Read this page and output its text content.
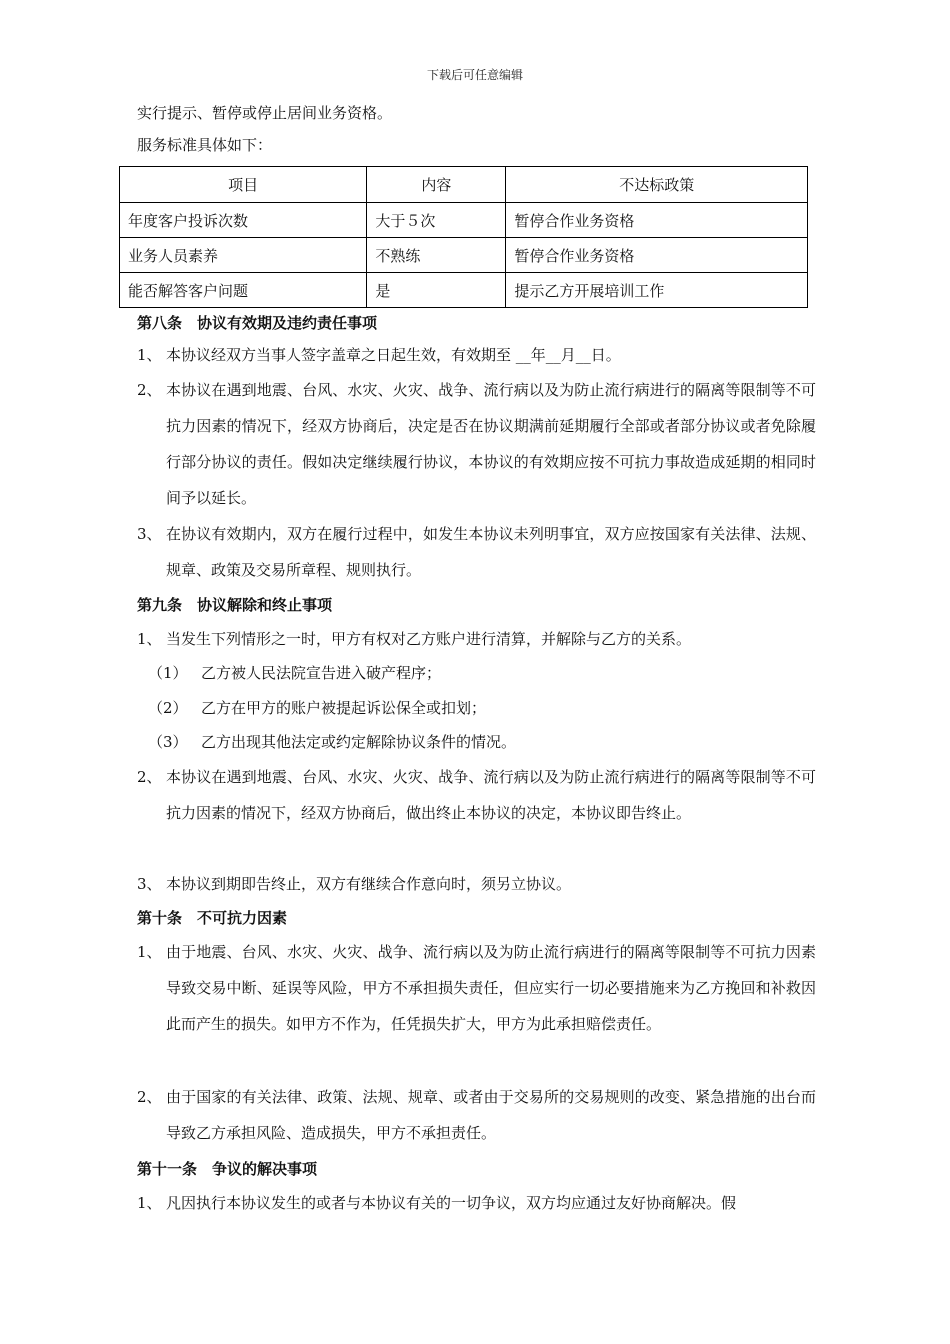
下载后可任意编辑
实行提示、暂停或停止居间业务资格。
服务标准具体如下：
项目	内容	不达标政策
年度客户投诉次数	大于５次	暂停合作业务资格
业务人员素养	不熟练	暂停合作业务资格
能否解答客户问题	是	提示乙方开展培训工作
第八条　协议有效期及违约责任事项
1、 本协议经双方当事人签字盖章之日起生效，有效期至 __年__月__日。
2、 本协议在遇到地震、台风、水灾、火灾、战争、流行病以及为防止流行病进行的隔离等限制等不可抗力因素的情况下，经双方协商后，决定是否在协议期满前延期履行全部或者部分协议或者免除履行部分协议的责任。假如决定继续履行协议，本协议的有效期应按不可抗力事故造成延期的相同时间予以延长。
3、 在协议有效期内，双方在履行过程中，如发生本协议未列明事宜，双方应按国家有关法律、法规、规章、政策及交易所章程、规则执行。
第九条　协议解除和终止事项
1、 当发生下列情形之一时，甲方有权对乙方账户进行清算，并解除与乙方的关系。
（1） 乙方被人民法院宣告进入破产程序；
（2） 乙方在甲方的账户被提起诉讼保全或扣划；
（3） 乙方出现其他法定或约定解除协议条件的情况。
2、 本协议在遇到地震、台风、水灾、火灾、战争、流行病以及为防止流行病进行的隔离等限制等不可抗力因素的情况下，经双方协商后，做出终止本协议的决定，本协议即告终止。
3、 本协议到期即告终止，双方有继续合作意向时，须另立协议。
第十条　不可抗力因素
1、 由于地震、台风、水灾、火灾、战争、流行病以及为防止流行病进行的隔离等限制等不可抗力因素导致交易中断、延误等风险，甲方不承担损失责任，但应实行一切必要措施来为乙方挽回和补救因此而产生的损失。如甲方不作为，任凭损失扩大，甲方为此承担赔偿责任。
2、 由于国家的有关法律、政策、法规、规章、或者由于交易所的交易规则的改变、紧急措施的出台而导致乙方承担风险、造成损失，甲方不承担责任。
第十一条　争议的解决事项
1、 凡因执行本协议发生的或者与本协议有关的一切争议，双方均应通过友好协商解决。假
